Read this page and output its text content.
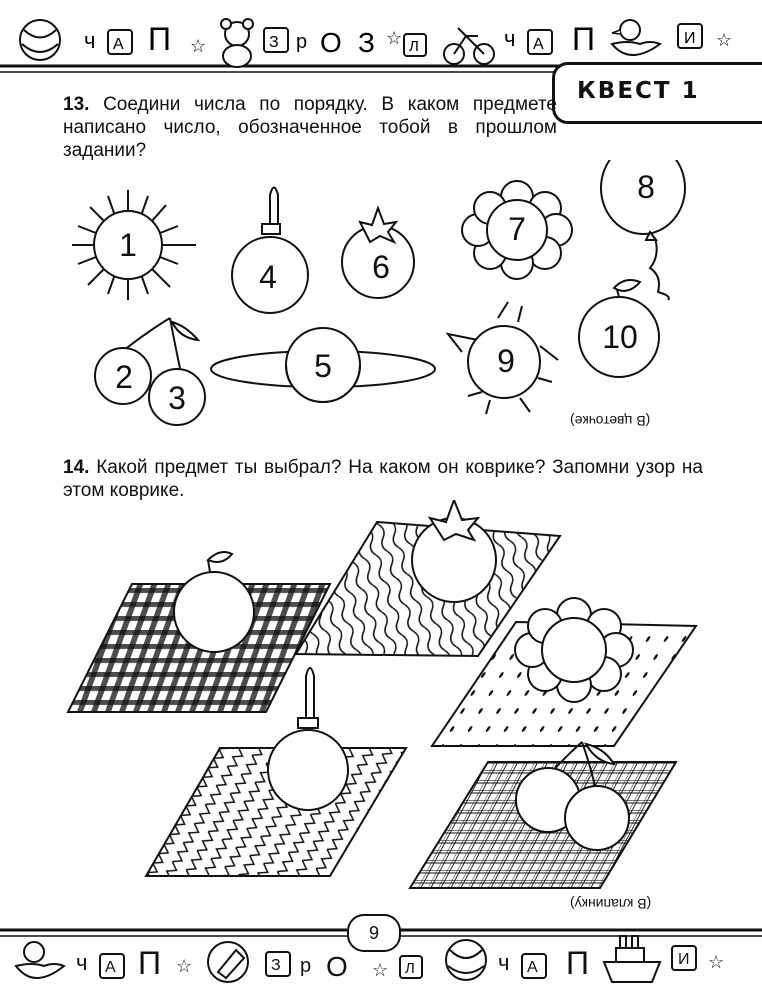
☆	☆	☆
ч А П	З р О З Л	ч А П	И
КВЕСТ 1
13. Соедини числа по порядку. В каком предмете написано число, обозначенное тобой в прошлом задании?
1
4	6
7
8
2
3
5	9
10
(В цветочке)
14. Какой предмет ты выбрал? На каком он коврике? Запомни узор на этом коврике.
(В клапинку)
☆	☆	☆
ч А П	З р О	Л	ч А П	И
9
